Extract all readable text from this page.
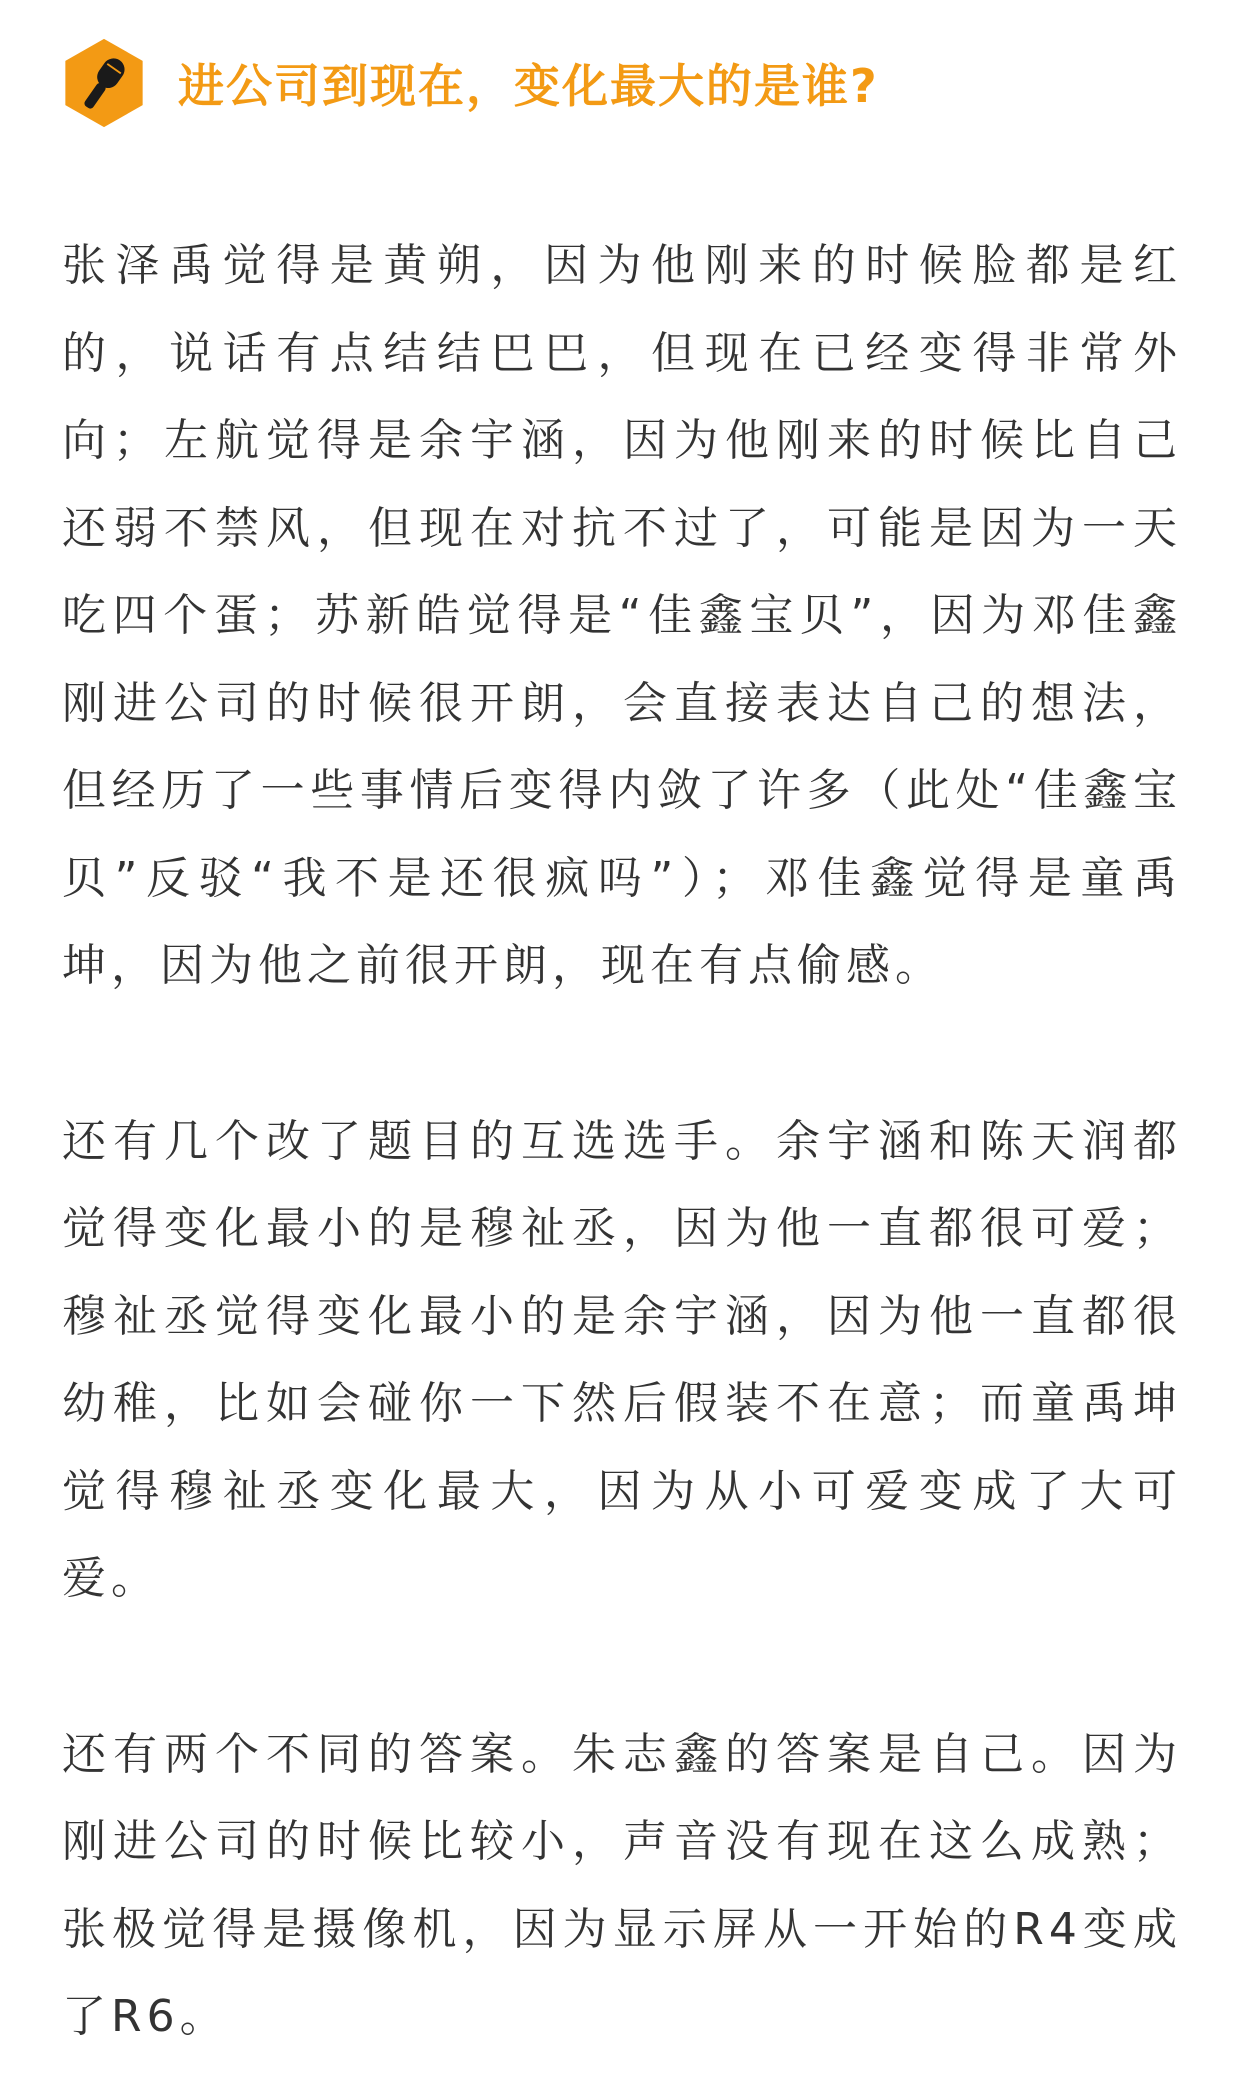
进公司到现在，变化最大的是谁?

张泽禹觉得是黄朔，因为他刚来的时候脸都是红的，说话有点结结巴巴，但现在已经变得非常外向；左航觉得是余宇涵，因为他刚来的时候比自己还弱不禁风，但现在对抗不过了，可能是因为一天吃四个蛋；苏新皓觉得是“佳鑫宝贝”，因为邓佳鑫刚进公司的时候很开朗，会直接表达自己的想法，但经历了一些事情后变得内敛了许多（此处“佳鑫宝贝”反驳“我不是还很疯吗”）；邓佳鑫觉得是童禹坤，因为他之前很开朗，现在有点偷感。

还有几个改了题目的互选选手。余宇涵和陈天润都觉得变化最小的是穆祉丞，因为他一直都很可爱；穆祉丞觉得变化最小的是余宇涵，因为他一直都很幼稚，比如会碰你一下然后假装不在意；而童禹坤觉得穆祉丞变化最大，因为从小可爱变成了大可爱。

还有两个不同的答案。朱志鑫的答案是自己。因为刚进公司的时候比较小，声音没有现在这么成熟；张极觉得是摄像机，因为显示屏从一开始的R4变成了R6。
